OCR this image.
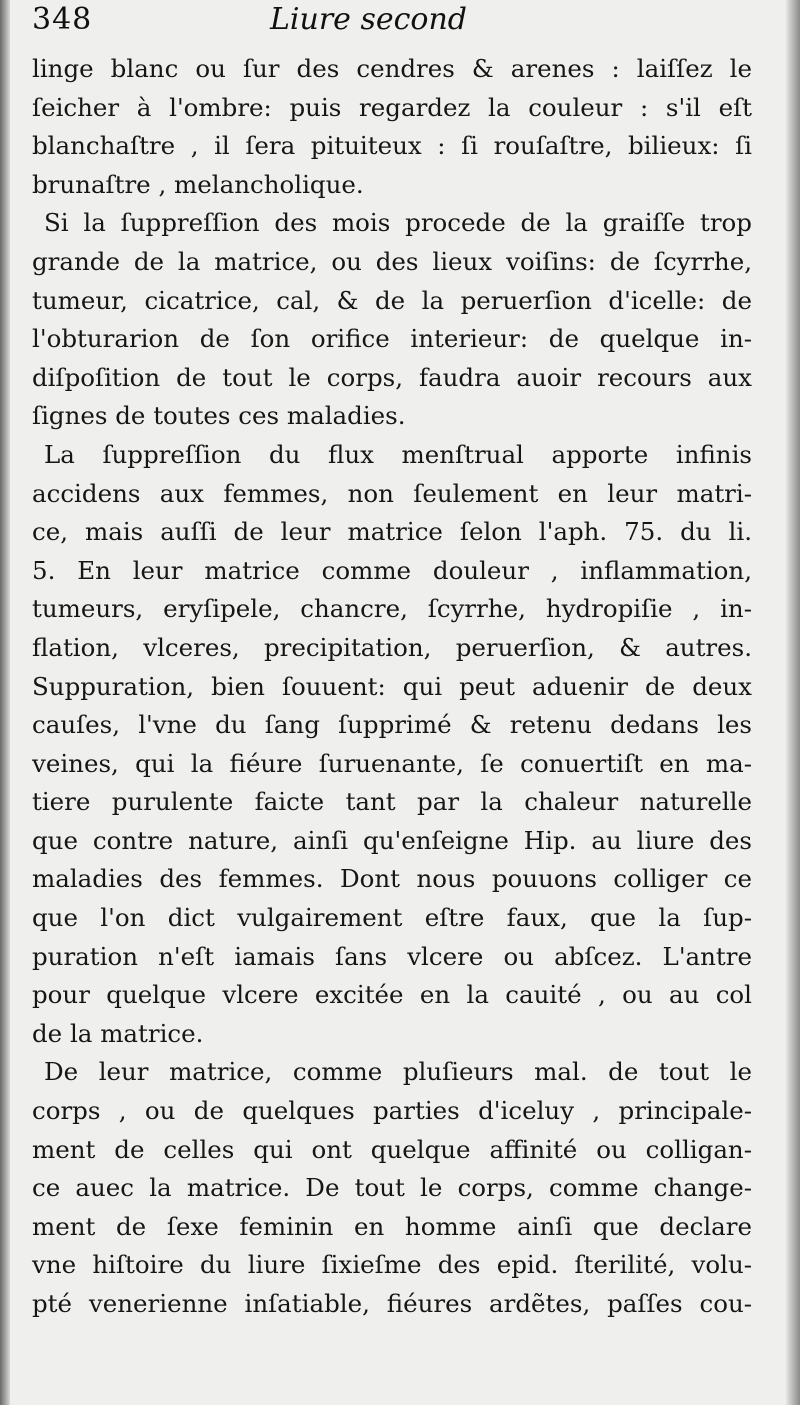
348	Liure second
linge blanc ou ſur des cendres & arenes : laiſſez le
ſeicher à l'ombre: puis regardez la couleur : s'il eſt
blanchaſtre , il ſera pituiteux : ſi rouſaſtre, bilieux: ſi
brunaſtre , melancholique.
Si la ſuppreſſion des mois procede de la graiſſe trop
grande de la matrice, ou des lieux voiſins: de ſcyrrhe,
tumeur, cicatrice, cal, & de la peruerſion d'icelle: de
l'obturarion de ſon orifice interieur: de quelque in-
diſpoſition de tout le corps, faudra auoir recours aux
ſignes de toutes ces maladies.
La ſuppreſſion du flux menſtrual apporte infinis
accidens aux femmes, non ſeulement en leur matri-
ce, mais auſſi de leur matrice ſelon l'aph. 75. du li.
5. En leur matrice comme douleur , inflammation,
tumeurs, eryſipele, chancre, ſcyrrhe, hydropiſie , in-
flation, vlceres, precipitation, peruerſion, & autres.
Suppuration, bien ſouuent: qui peut aduenir de deux
cauſes, l'vne du ſang ſupprimé & retenu dedans les
veines, qui la fiéure ſuruenante, ſe conuertiſt en ma-
tiere purulente faicte tant par la chaleur naturelle
que contre nature, ainſi qu'enſeigne Hip. au liure des
maladies des femmes. Dont nous pouuons colliger ce
que l'on dict vulgairement eſtre faux, que la ſup-
puration n'eſt iamais ſans vlcere ou abſcez. L'antre
pour quelque vlcere excitée en la cauité , ou au col
de la matrice.
De leur matrice, comme pluſieurs mal. de tout le
corps , ou de quelques parties d'iceluy , principale-
ment de celles qui ont quelque affinité ou colligan-
ce auec la matrice. De tout le corps, comme change-
ment de ſexe feminin en homme ainſi que declare
vne hiſtoire du liure ſixieſme des epid. ſterilité, volu-
pté venerienne inſatiable, fiéures ardẽtes, paſſes cou-
